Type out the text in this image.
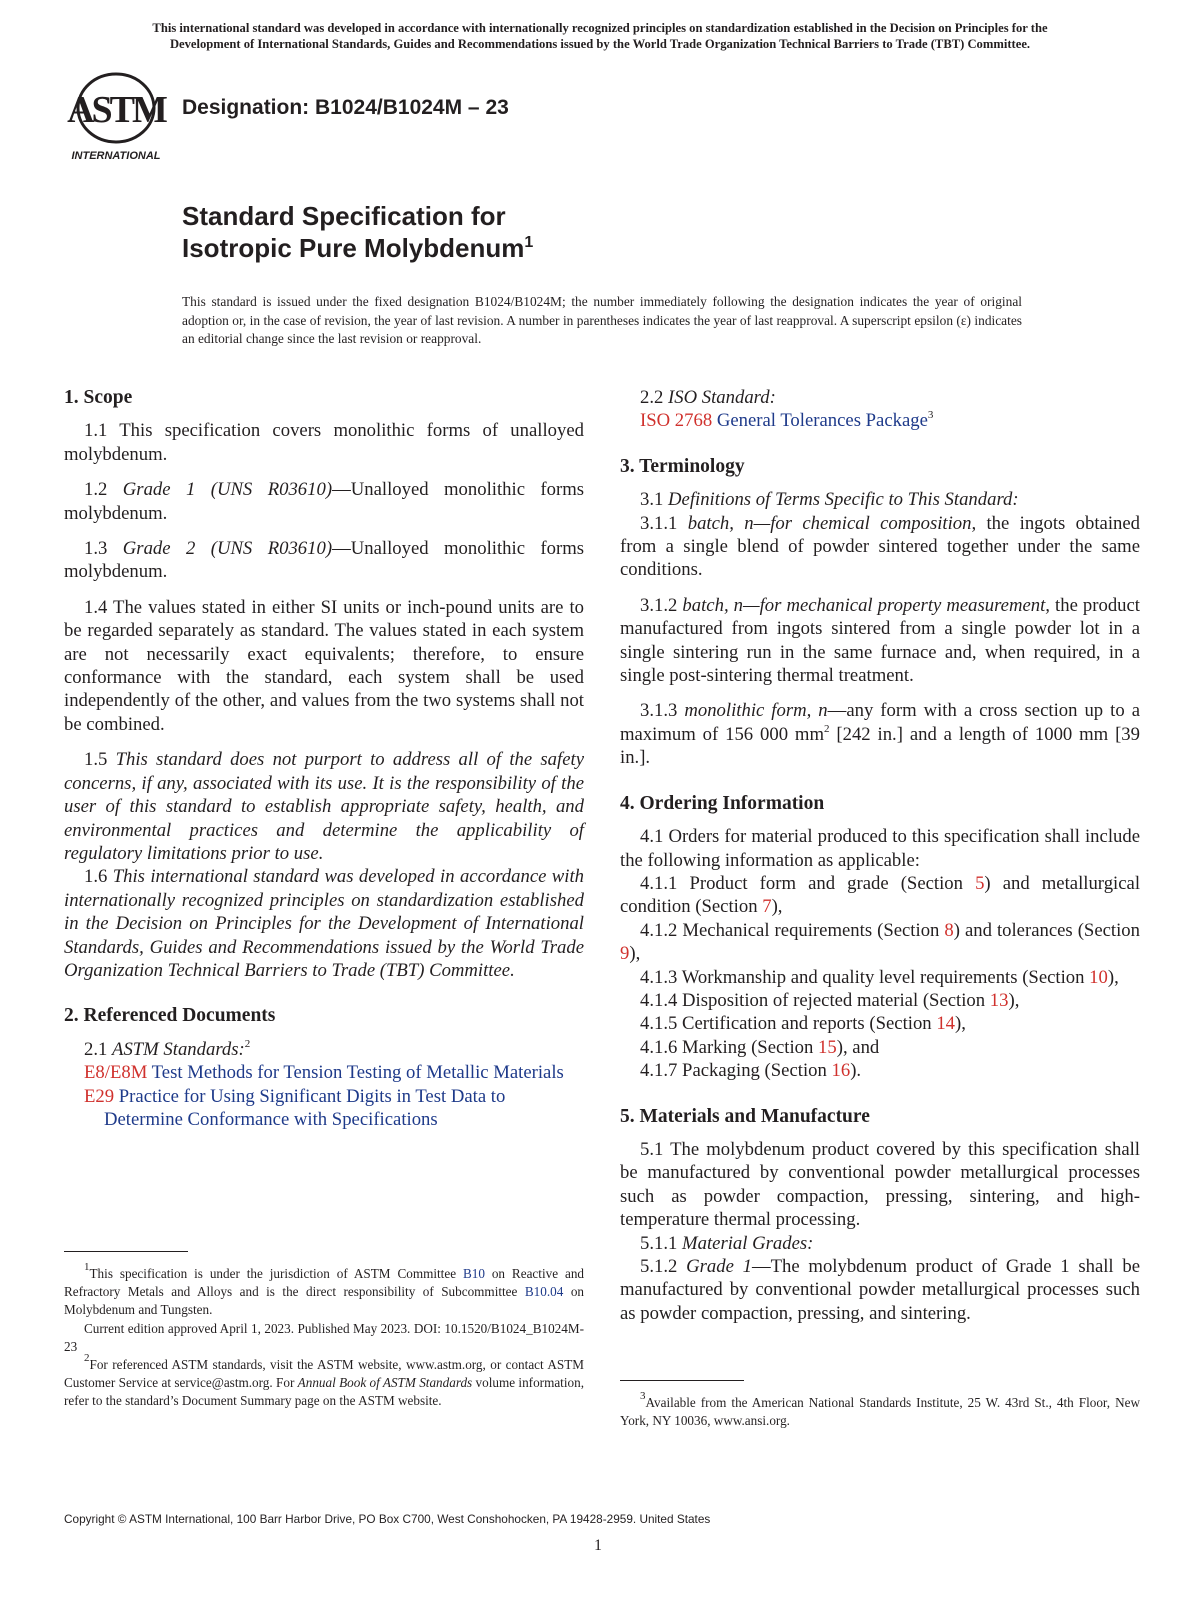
This international standard was developed in accordance with internationally recognized principles on standardization established in the Decision on Principles for the
Development of International Standards, Guides and Recommendations issued by the World Trade Organization Technical Barriers to Trade (TBT) Committee.
ASTM
INTERNATIONAL
Designation: B1024/B1024M – 23
Standard Specification for
Isotropic Pure Molybdenum$^1$
This standard is issued under the fixed designation B1024/B1024M; the number immediately following the designation indicates the year of original adoption or, in the case of revision, the year of last revision. A number in parentheses indicates the year of last reapproval. A superscript epsilon (ε) indicates an editorial change since the last revision or reapproval.

1. Scope

1.1 This specification covers monolithic forms of unalloyed molybdenum.

1.2 Grade 1 (UNS R03610)—Unalloyed monolithic forms molybdenum.

1.3 Grade 2 (UNS R03610)—Unalloyed monolithic forms molybdenum.

1.4 The values stated in either SI units or inch-pound units are to be regarded separately as standard. The values stated in each system are not necessarily exact equivalents; therefore, to ensure conformance with the standard, each system shall be used independently of the other, and values from the two systems shall not be combined.

1.5 This standard does not purport to address all of the safety concerns, if any, associated with its use. It is the responsibility of the user of this standard to establish appropriate safety, health, and environmental practices and determine the applicability of regulatory limitations prior to use.

1.6 This international standard was developed in accordance with internationally recognized principles on standardization established in the Decision on Principles for the Development of International Standards, Guides and Recommendations issued by the World Trade Organization Technical Barriers to Trade (TBT) Committee.

2. Referenced Documents

2.1 ASTM Standards:$^2$

E8/E8M Test Methods for Tension Testing of Metallic Materials

E29 Practice for Using Significant Digits in Test Data to Determine Conformance with Specifications

$^1$This specification is under the jurisdiction of ASTM Committee B10 on Reactive and Refractory Metals and Alloys and is the direct responsibility of Subcommittee B10.04 on Molybdenum and Tungsten.

Current edition approved April 1, 2023. Published May 2023. DOI: 10.1520/B1024_B1024M-23

$^2$For referenced ASTM standards, visit the ASTM website, www.astm.org, or contact ASTM Customer Service at service@astm.org. For Annual Book of ASTM Standards volume information, refer to the standard’s Document Summary page on the ASTM website.

2.2 ISO Standard:

ISO 2768 General Tolerances Package$^3$

3. Terminology

3.1 Definitions of Terms Specific to This Standard:

3.1.1 batch, n—for chemical composition, the ingots obtained from a single blend of powder sintered together under the same conditions.

3.1.2 batch, n—for mechanical property measurement, the product manufactured from ingots sintered from a single powder lot in a single sintering run in the same furnace and, when required, in a single post-sintering thermal treatment.

3.1.3 monolithic form, n—any form with a cross section up to a maximum of 156 000 $mm^2$ [242 in.] and a length of 1000 mm [39 in.].

4. Ordering Information

4.1 Orders for material produced to this specification shall include the following information as applicable:

4.1.1 Product form and grade (Section 5) and metallurgical condition (Section 7),

4.1.2 Mechanical requirements (Section 8) and tolerances (Section 9),

4.1.3 Workmanship and quality level requirements (Section 10),

4.1.4 Disposition of rejected material (Section 13),

4.1.5 Certification and reports (Section 14),

4.1.6 Marking (Section 15), and

4.1.7 Packaging (Section 16).

5. Materials and Manufacture

5.1 The molybdenum product covered by this specification shall be manufactured by conventional powder metallurgical processes such as powder compaction, pressing, sintering, and high-temperature thermal processing.

5.1.1 Material Grades:

5.1.2 Grade 1—The molybdenum product of Grade 1 shall be manufactured by conventional powder metallurgical processes such as powder compaction, pressing, and sintering.

$^3$Available from the American National Standards Institute, 25 W. 43rd St., 4th Floor, New York, NY 10036, www.ansi.org.

Copyright © ASTM International, 100 Barr Harbor Drive, PO Box C700, West Conshohocken, PA 19428-2959. United States
1
